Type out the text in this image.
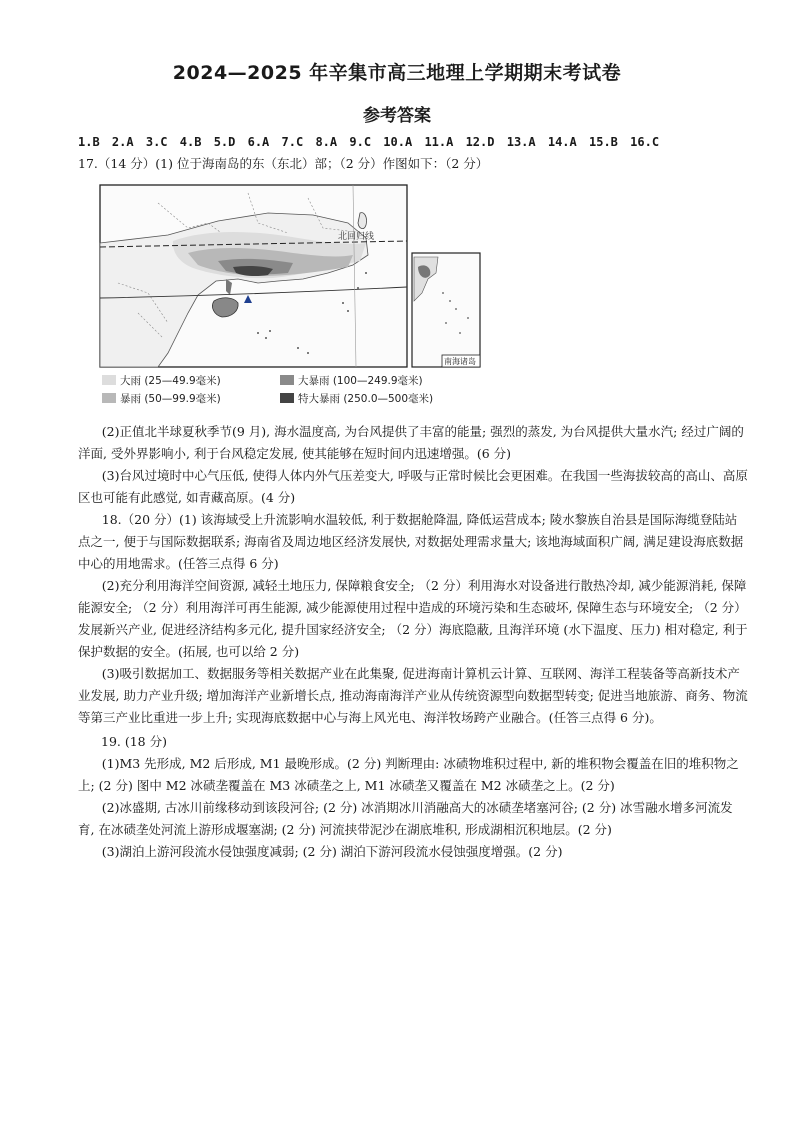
2024—2025 年辛集市高三地理上学期期末考试卷
参考答案
1.B 2.A 3.C 4.B 5.D 6.A 7.C 8.A 9.C 10.A 11.A 12.D 13.A 14.A 15.B 16.C
17.（14 分）(1) 位于海南岛的东（东北）部；（2 分）作图如下：（2 分）
北回归线
南海诸岛
大雨 (25—49.9毫米)	大暴雨 (100—249.9毫米)
暴雨 (50—99.9毫米)	特大暴雨 (250.0—500毫米)
(2)正值北半球夏秋季节(9 月), 海水温度高, 为台风提供了丰富的能量; 强烈的蒸发, 为台风提供大量水汽; 经过广阔的洋面, 受外界影响小, 利于台风稳定发展, 使其能够在短时间内迅速增强。(6 分)
(3)台风过境时中心气压低, 使得人体内外气压差变大, 呼吸与正常时候比会更困难。在我国一些海拔较高的高山、高原区也可能有此感觉, 如青藏高原。(4 分)
18.（20 分）(1) 该海域受上升流影响水温较低, 利于数据舱降温, 降低运营成本; 陵水黎族自治县是国际海缆登陆站点之一, 便于与国际数据联系; 海南省及周边地区经济发展快, 对数据处理需求量大; 该地海域面积广阔, 满足建设海底数据中心的用地需求。(任答三点得 6 分)
(2)充分利用海洋空间资源, 减轻土地压力, 保障粮食安全; （2 分）利用海水对设备进行散热冷却, 减少能源消耗, 保障能源安全; （2 分）利用海洋可再生能源, 减少能源使用过程中造成的环境污染和生态破坏, 保障生态与环境安全; （2 分）发展新兴产业, 促进经济结构多元化, 提升国家经济安全; （2 分）海底隐蔽, 且海洋环境 (水下温度、压力) 相对稳定, 利于保护数据的安全。(拓展, 也可以给 2 分)
(3)吸引数据加工、数据服务等相关数据产业在此集聚, 促进海南计算机云计算、互联网、海洋工程装备等高新技术产业发展, 助力产业升级; 增加海洋产业新增长点, 推动海南海洋产业从传统资源型向数据型转变; 促进当地旅游、商务、物流等第三产业比重进一步上升; 实现海底数据中心与海上风光电、海洋牧场跨产业融合。(任答三点得 6 分)。
19. (18 分)
(1)M3 先形成, M2 后形成, M1 最晚形成。(2 分) 判断理由: 冰碛物堆积过程中, 新的堆积物会覆盖在旧的堆积物之上; (2 分) 图中 M2 冰碛垄覆盖在 M3 冰碛垄之上, M1 冰碛垄又覆盖在 M2 冰碛垄之上。(2 分)
(2)冰盛期, 古冰川前缘移动到该段河谷; (2 分) 冰消期冰川消融高大的冰碛垄堵塞河谷; (2 分) 冰雪融水增多河流发育, 在冰碛垄处河流上游形成堰塞湖; (2 分) 河流挟带泥沙在湖底堆积, 形成湖相沉积地层。(2 分)
(3)湖泊上游河段流水侵蚀强度减弱; (2 分) 湖泊下游河段流水侵蚀强度增强。(2 分)
